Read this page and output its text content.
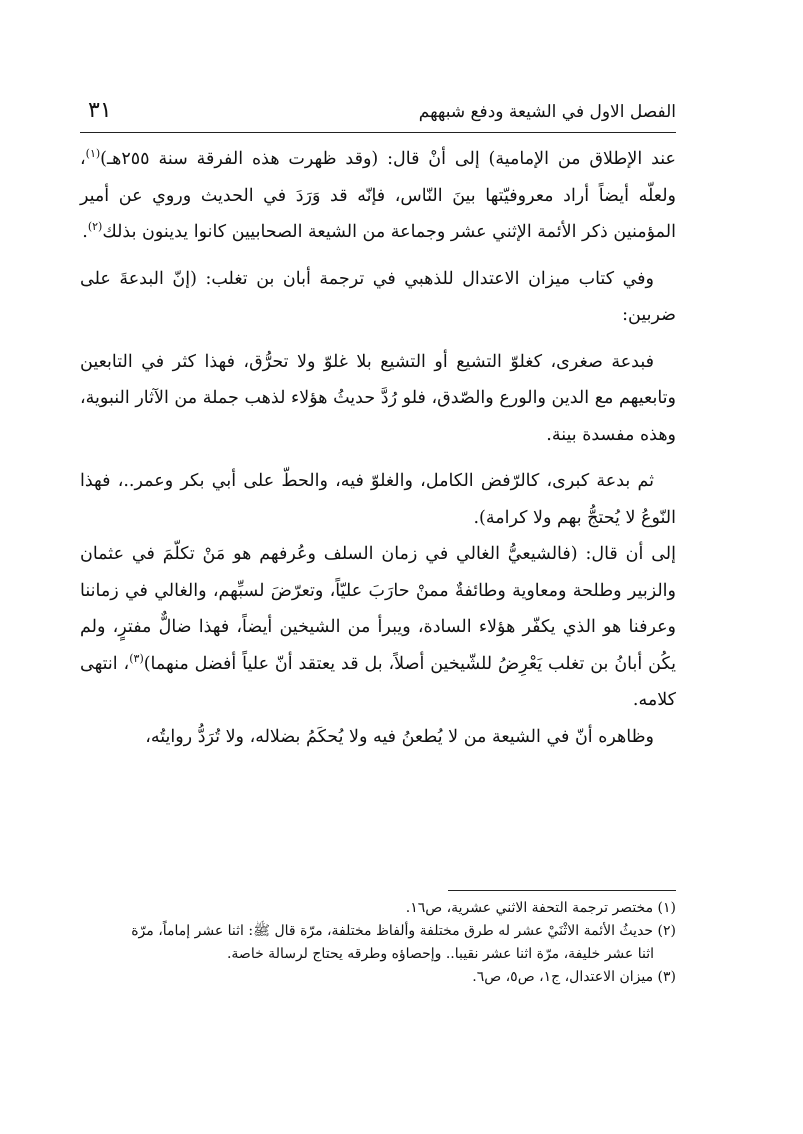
الفصل الاول في الشيعة ودفع شبههم
٣١

عند الإطلاق من الإمامية) إلى أنْ قال: (وقد ظهرت هذه الفرقة سنة ٢٥٥هـ)$^{(١)}$، ولعلّه أيضاً أراد معروفيّتها بينَ النّاس، فإنّه قد وَرَدَ في الحديث وروي عن أمير المؤمنين ذكر الأئمة الإثني عشر وجماعة من الشيعة الصحابيين كانوا يدينون بذلك$^{(٢)}$.

وفي كتاب ميزان الاعتدال للذهبي في ترجمة أبان بن تغلب: (إنّ البدعةَ على ضربين:

فبدعة صغرى، كغلوّ التشيع أو التشيع بلا غلوّ ولا تحرُّق، فهذا كثر في التابعين وتابعيهم مع الدين والورع والصّدق، فلو رُدَّ حديثُ هؤلاء لذهب جملة من الآثار النبوية، وهذه مفسدة بينة.

ثم بدعة كبرى، كالرّفض الكامل، والغلوّ فيه، والحطّ على أبي بكر وعمر..، فهذا النّوعُ لا يُحتجُّ بهم ولا كرامة).

إلى أن قال: (فالشيعيُّ الغالي في زمان السلف وعُرفهم هو مَنْ تكلّمَ في عثمان والزبير وطلحة ومعاوية وطائفةٌ ممنْ حارَبَ عليّاً، وتعرّضَ لسبِّهم، والغالي في زماننا وعرفنا هو الذي يكفّر هؤلاء السادة، ويبرأ من الشيخين أيضاً، فهذا ضالٌّ مفترٍ، ولم يكُن أبانُ بن تغلب يَعْرِضُ للشّيخين أصلاً، بل قد يعتقد أنّ علياً أفضل منهما)$^{(٣)}$، انتهى كلامه.

وظاهره أنّ في الشيعة من لا يُطعنُ فيه ولا يُحكَمُ بضلاله، ولا تُرَدُّ روايتُه،

(١) مختصر ترجمة التحفة الاثني عشرية، ص١٦.

(٢) حديثُ الأئمة الاثْنَيْ عشر له طرق مختلفة وألفاظ مختلفة، مرّة قال ﷺ: اثنا عشر إماماً، مرّة

اثنا عشر خليفة، مرّة اثنا عشر نقيبا.. وإحصاؤه وطرقه يحتاج لرسالة خاصة.

(٣) ميزان الاعتدال، ج١، ص٥، ص٦.
